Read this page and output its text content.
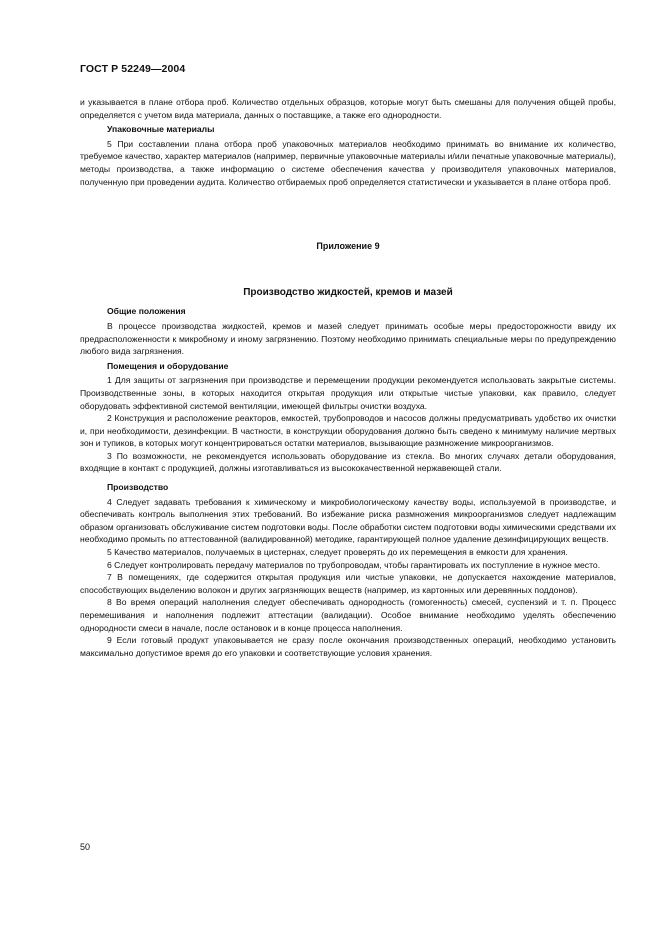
ГОСТ Р 52249—2004

и указывается в плане отбора проб. Количество отдельных образцов, которые могут быть смешаны для получения общей пробы, определяется с учетом вида материала, данных о поставщике, а также его однородности.

Упаковочные материалы

5 При составлении плана отбора проб упаковочных материалов необходимо принимать во внимание их количество, требуемое качество, характер материалов (например, первичные упаковочные материалы и/или печатные упаковочные материалы), методы производства, а также информацию о системе обеспечения качества у производителя упаковочных материалов, полученную при проведении аудита. Количество отбираемых проб определяется статистически и указывается в плане отбора проб.

Приложение 9

Производство жидкостей, кремов и мазей

Общие положения

В процессе производства жидкостей, кремов и мазей следует принимать особые меры предосторожности ввиду их предрасположенности к микробному и иному загрязнению. Поэтому необходимо принимать специальные меры по предупреждению любого вида загрязнения.

Помещения и оборудование

1 Для защиты от загрязнения при производстве и перемещении продукции рекомендуется использовать закрытые системы. Производственные зоны, в которых находится открытая продукция или открытые чистые упаковки, как правило, следует оборудовать эффективной системой вентиляции, имеющей фильтры очистки воздуха.

2 Конструкция и расположение реакторов, емкостей, трубопроводов и насосов должны предусматривать удобство их очистки и, при необходимости, дезинфекции. В частности, в конструкции оборудования должно быть сведено к минимуму наличие мертвых зон и тупиков, в которых могут концентрироваться остатки материалов, вызывающие размножение микроорганизмов.

3 По возможности, не рекомендуется использовать оборудование из стекла. Во многих случаях детали оборудования, входящие в контакт с продукцией, должны изготавливаться из высококачественной нержавеющей стали.

Производство

4 Следует задавать требования к химическому и микробиологическому качеству воды, используемой в производстве, и обеспечивать контроль выполнения этих требований. Во избежание риска размножения микроорганизмов следует надлежащим образом организовать обслуживание систем подготовки воды. После обработки систем подготовки воды химическими средствами их необходимо промыть по аттестованной (валидированной) методике, гарантирующей полное удаление дезинфицирующих веществ.

5 Качество материалов, получаемых в цистернах, следует проверять до их перемещения в емкости для хранения.

6 Следует контролировать передачу материалов по трубопроводам, чтобы гарантировать их поступление в нужное место.

7 В помещениях, где содержится открытая продукция или чистые упаковки, не допускается нахождение материалов, способствующих выделению волокон и других загрязняющих веществ (например, из картонных или деревянных поддонов).

8 Во время операций наполнения следует обеспечивать однородность (гомогенность) смесей, суспензий и т. п. Процесс перемешивания и наполнения подлежит аттестации (валидации). Особое внимание необходимо уделять обеспечению однородности смеси в начале, после остановок и в конце процесса наполнения.

9 Если готовый продукт упаковывается не сразу после окончания производственных операций, необходимо установить максимально допустимое время до его упаковки и соответствующие условия хранения.

50
